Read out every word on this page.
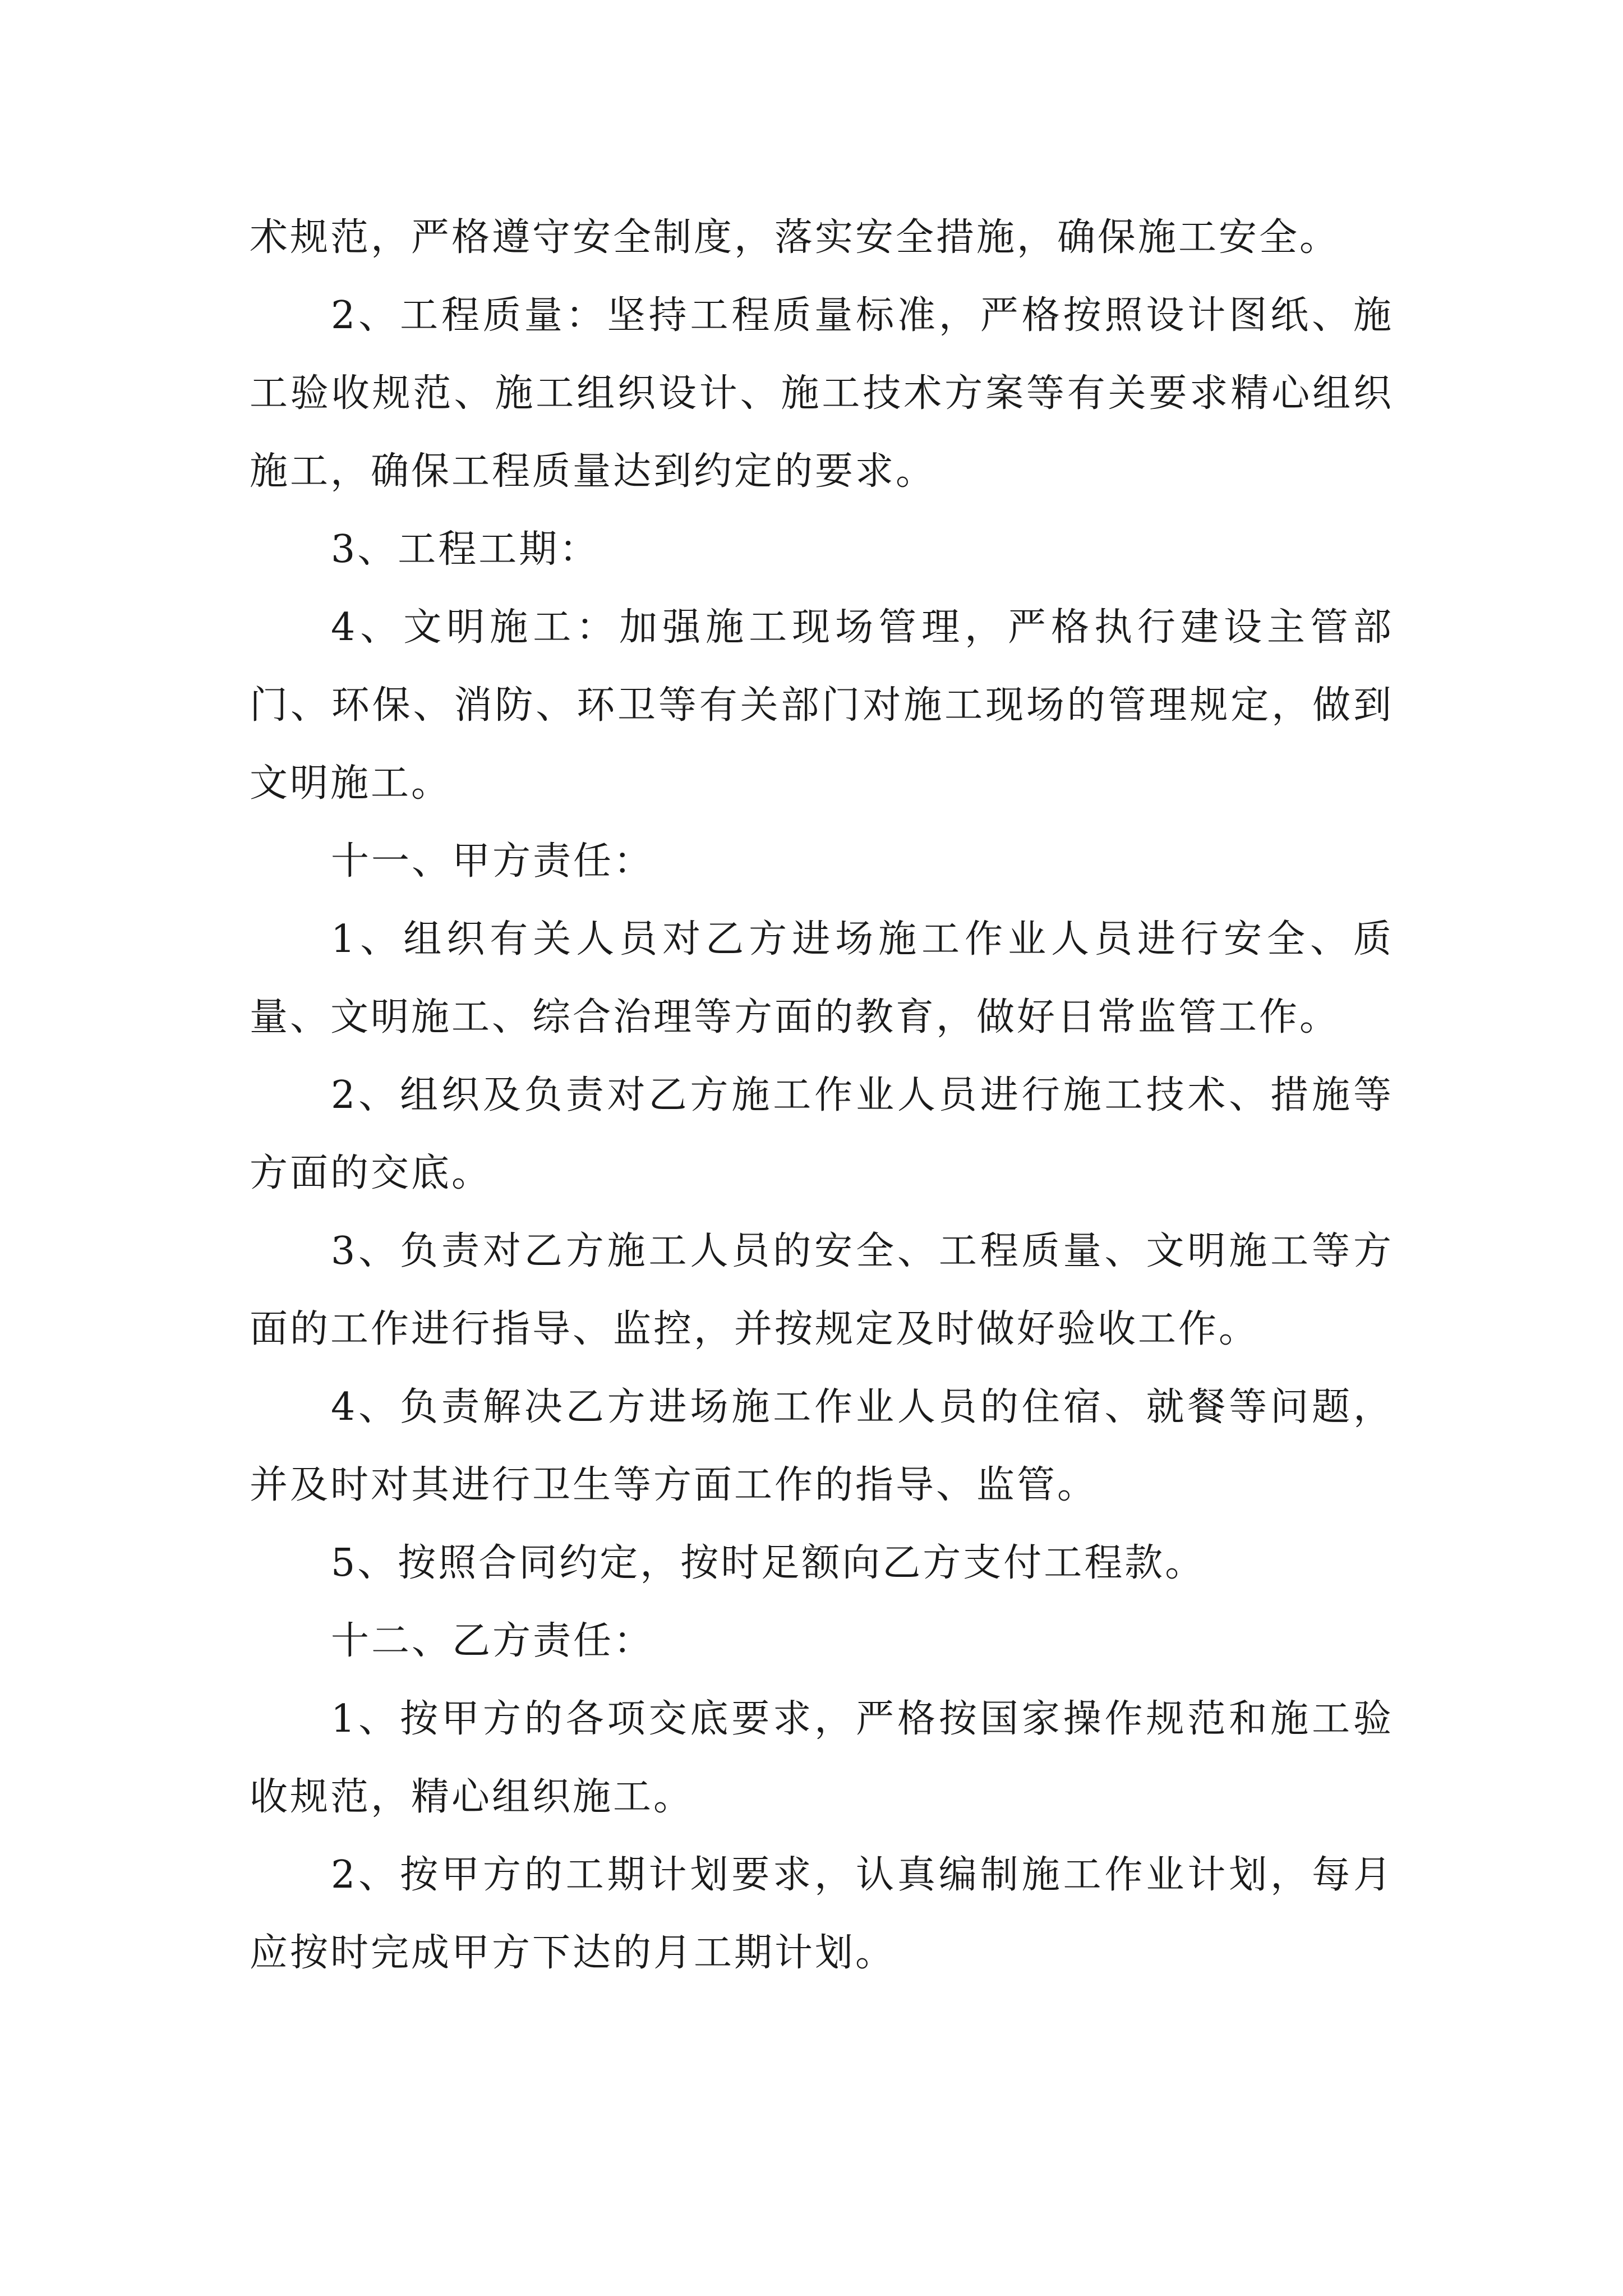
术规范，严格遵守安全制度，落实安全措施，确保施工安全。

2、工程质量：坚持工程质量标准，严格按照设计图纸、施工验收规范、施工组织设计、施工技术方案等有关要求精心组织施工，确保工程质量达到约定的要求。

3、工程工期：

4、文明施工：加强施工现场管理，严格执行建设主管部门、环保、消防、环卫等有关部门对施工现场的管理规定，做到文明施工。

十一、甲方责任：

1、组织有关人员对乙方进场施工作业人员进行安全、质量、文明施工、综合治理等方面的教育，做好日常监管工作。

2、组织及负责对乙方施工作业人员进行施工技术、措施等方面的交底。

3、负责对乙方施工人员的安全、工程质量、文明施工等方面的工作进行指导、监控，并按规定及时做好验收工作。

4、负责解决乙方进场施工作业人员的住宿、就餐等问题，并及时对其进行卫生等方面工作的指导、监管。

5、按照合同约定，按时足额向乙方支付工程款。

十二、乙方责任：

1、按甲方的各项交底要求，严格按国家操作规范和施工验收规范，精心组织施工。

2、按甲方的工期计划要求，认真编制施工作业计划，每月应按时完成甲方下达的月工期计划。
